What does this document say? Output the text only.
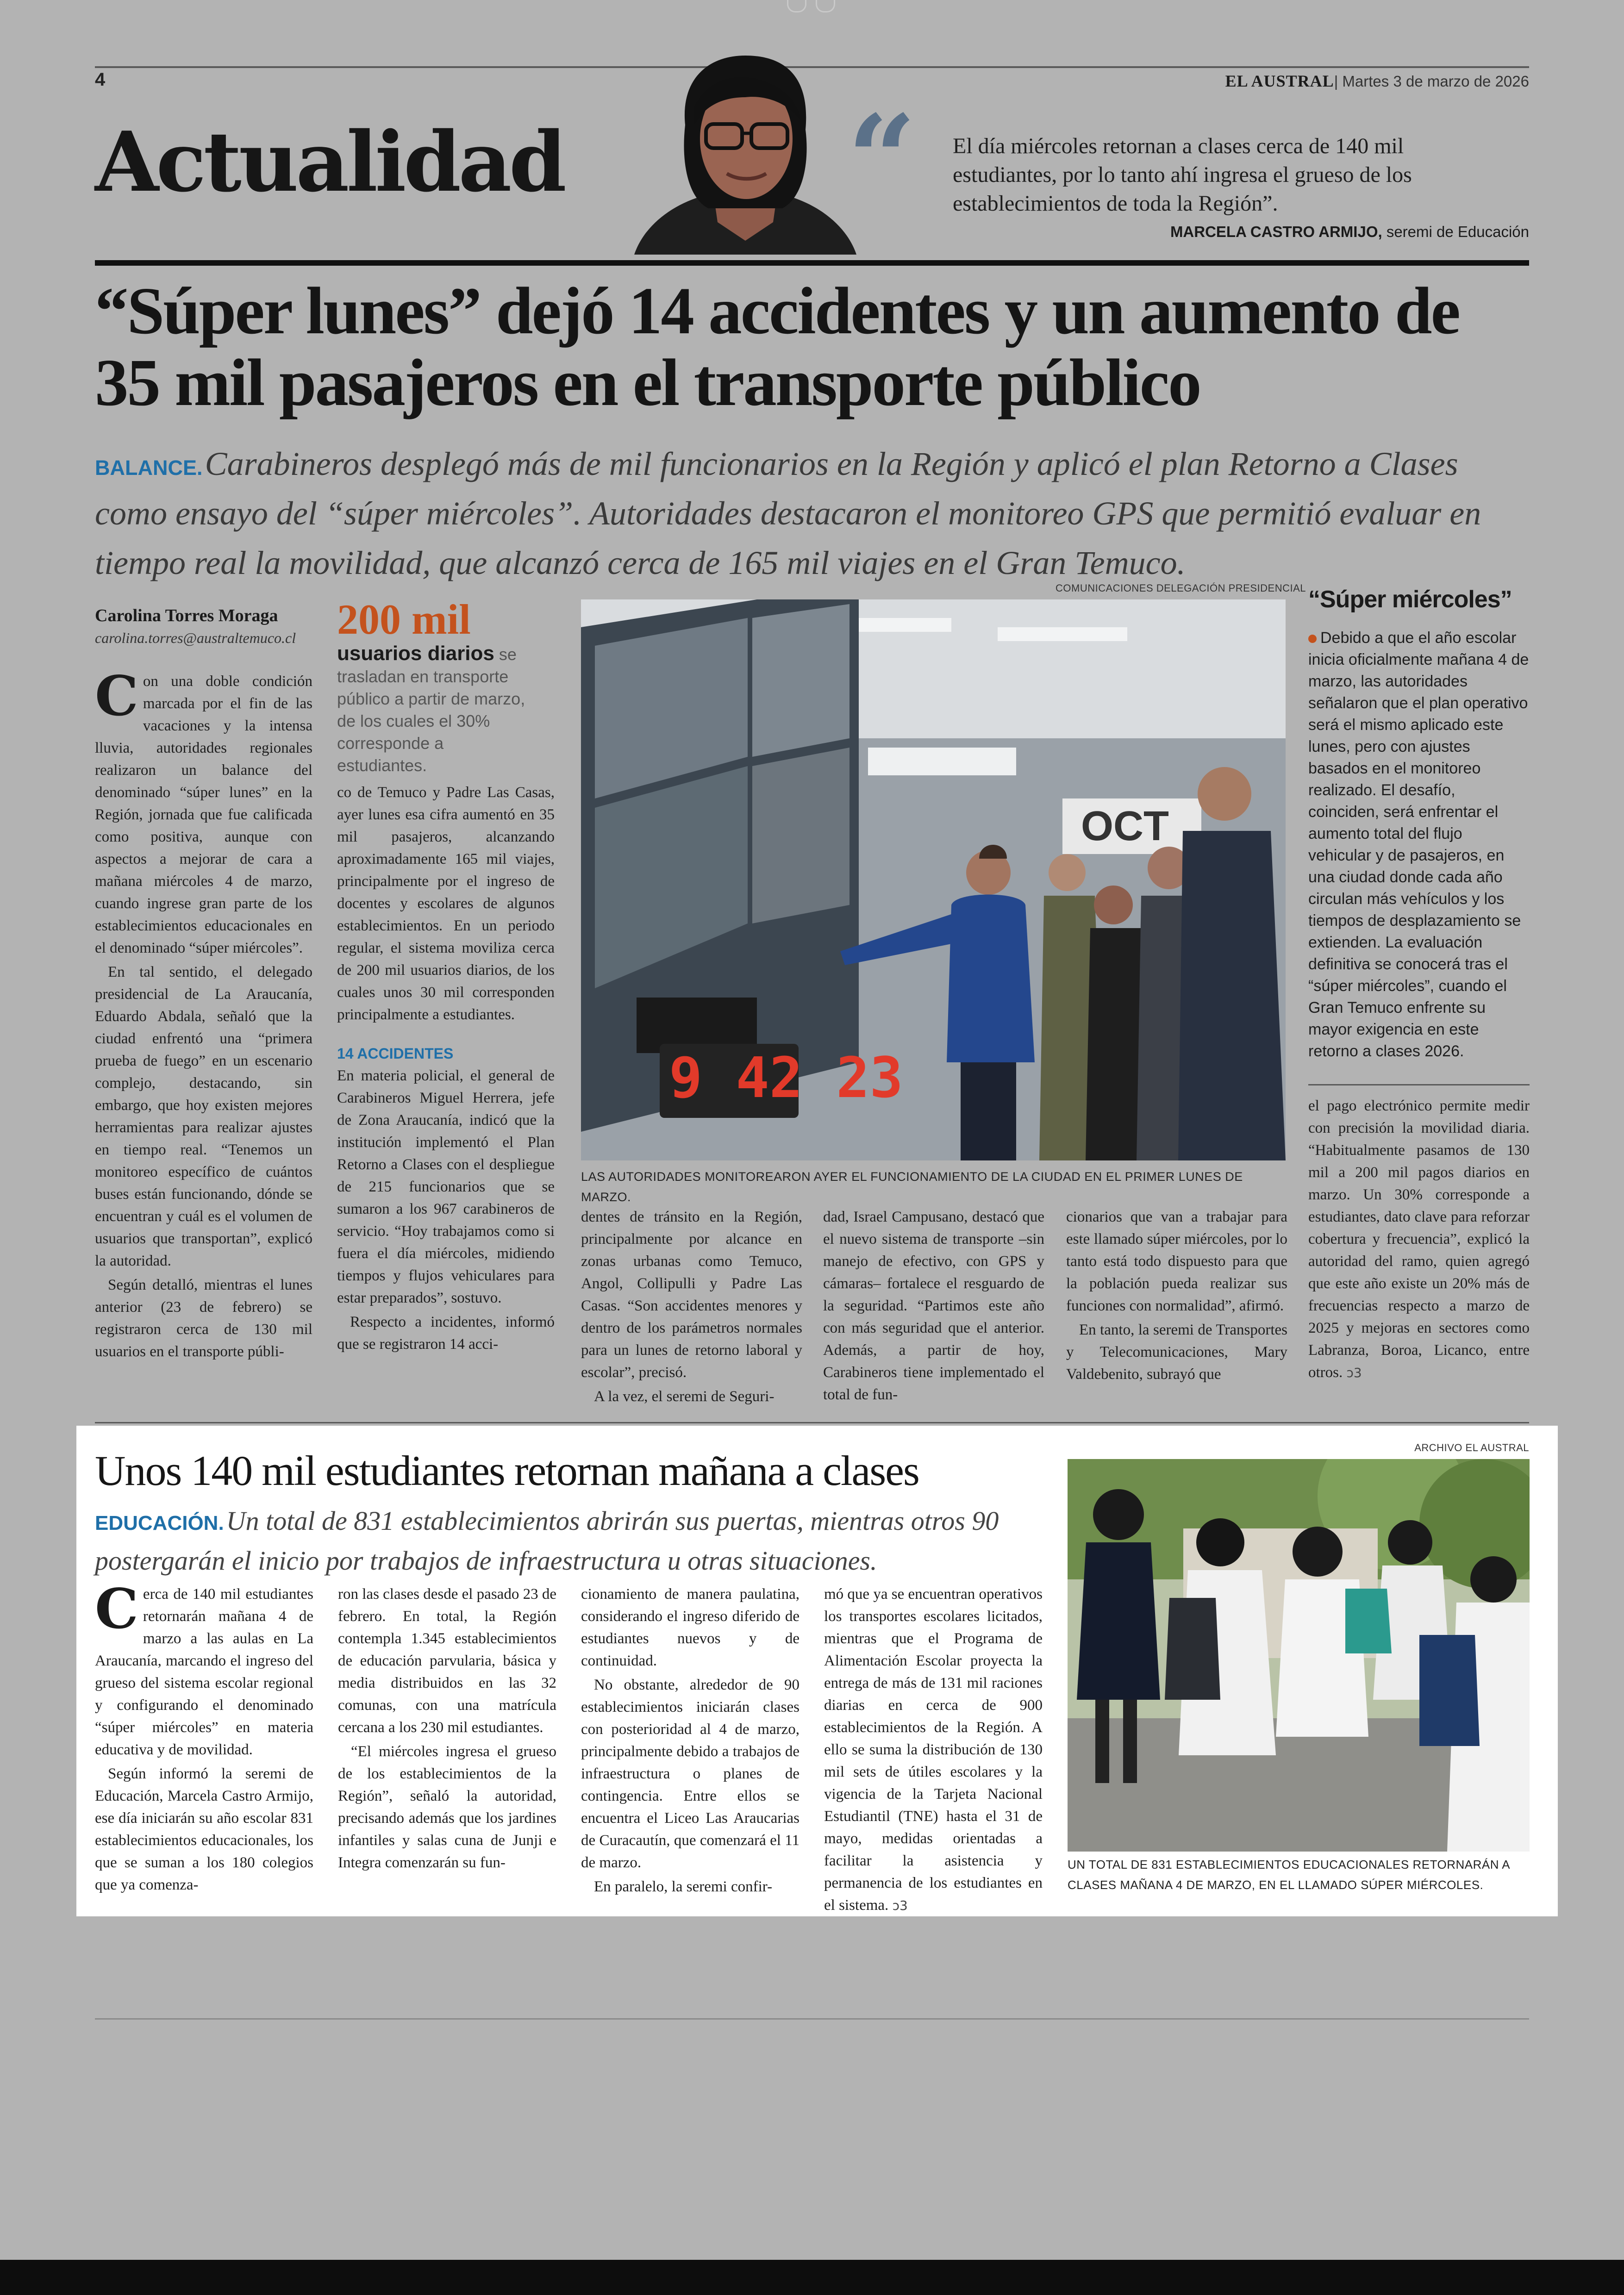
4	EL AUSTRAL| Martes 3 de marzo de 2026
Actualidad “ El día miércoles retornan a clases cerca de 140 mil estudiantes, por lo tanto ahí ingresa el grueso de los establecimientos de toda la Región”.
MARCELA CASTRO ARMIJO, seremi de Educación
“Súper lunes” dejó 14 accidentes y un aumento de 35 mil pasajeros en el transporte público
BALANCE. Carabineros desplegó más de mil funcionarios en la Región y aplicó el plan Retorno a Clases como ensayo del “súper miércoles”. Autoridades destacaron el monitoreo GPS que permitió evaluar en tiempo real la movilidad, que alcanzó cerca de 165 mil viajes en el Gran Temuco.
Carolina Torres Moraga
carolina.torres@australtemuco.cl

Con una doble condición marcada por el fin de las vacaciones y la intensa lluvia, autoridades regionales realizaron un balance del denominado “súper lunes” en la Región, jornada que fue calificada como positiva, aunque con aspectos a mejorar de cara a mañana miércoles 4 de marzo, cuando ingrese gran parte de los establecimientos educacionales en el denominado “súper miércoles”.

En tal sentido, el delegado presidencial de La Araucanía, Eduardo Abdala, señaló que la ciudad enfrentó una “primera prueba de fuego” en un escenario complejo, destacando, sin embargo, que hoy existen mejores herramientas para realizar ajustes en tiempo real. “Tenemos un monitoreo específico de cuántos buses están funcionando, dónde se encuentran y cuál es el volumen de usuarios que transportan”, explicó la autoridad.

Según detalló, mientras el lunes anterior (23 de febrero) se registraron cerca de 130 mil usuarios en el transporte públi-

200 mil
usuarios diarios se trasladan en transporte público a partir de marzo, de los cuales el 30% corresponde a estudiantes.

co de Temuco y Padre Las Casas, ayer lunes esa cifra aumentó en 35 mil pasajeros, alcanzando aproximadamente 165 mil viajes, principalmente por el ingreso de docentes y escolares de algunos establecimientos. En un periodo regular, el sistema moviliza cerca de 200 mil usuarios diarios, de los cuales unos 30 mil corresponden principalmente a estudiantes.

14 ACCIDENTES

En materia policial, el general de Carabineros Miguel Herrera, jefe de Zona Araucanía, indicó que la institución implementó el Plan Retorno a Clases con el despliegue de 215 funcionarios que se sumaron a los 967 carabineros de servicio. “Hoy trabajamos como si fuera el día miércoles, midiendo tiempos y flujos vehiculares para estar preparados”, sostuvo.

Respecto a incidentes, informó que se registraron 14 acci-

COMUNICACIONES DELEGACIÓN PRESIDENCIAL
9 42 23
OCT
LAS AUTORIDADES MONITOREARON AYER EL FUNCIONAMIENTO DE LA CIUDAD EN EL PRIMER LUNES DE MARZO.

dentes de tránsito en la Región, principalmente por alcance en zonas urbanas como Temuco, Angol, Collipulli y Padre Las Casas. “Son accidentes menores y dentro de los parámetros normales para un lunes de retorno laboral y escolar”, precisó.

A la vez, el seremi de Seguri-

dad, Israel Campusano, destacó que el nuevo sistema de transporte –sin manejo de efectivo, con GPS y cámaras– fortalece el resguardo de la seguridad. “Partimos este año con más seguridad que el anterior. Además, a partir de hoy, Carabineros tiene implementado el total de fun-

cionarios que van a trabajar para este llamado súper miércoles, por lo tanto está todo dispuesto para que la población pueda realizar sus funciones con normalidad”, afirmó.

En tanto, la seremi de Transportes y Telecomunicaciones, Mary Valdebenito, subrayó que

“Súper miércoles”
Debido a que el año escolar inicia oficialmente mañana 4 de marzo, las autoridades señalaron que el plan operativo será el mismo aplicado este lunes, pero con ajustes basados en el monitoreo realizado. El desafío, coinciden, será enfrentar el aumento total del flujo vehicular y de pasajeros, en una ciudad donde cada año circulan más vehículos y los tiempos de desplazamiento se extienden. La evaluación definitiva se conocerá tras el “súper miércoles”, cuando el Gran Temuco enfrente su mayor exigencia en este retorno a clases 2026.

el pago electrónico permite medir con precisión la movilidad diaria. “Habitualmente pasamos de 130 mil a 200 mil pagos diarios en marzo. Un 30% corresponde a estudiantes, dato clave para reforzar cobertura y frecuencia”, explicó la autoridad del ramo, quien agregó que este año existe un 20% más de frecuencias respecto a marzo de 2025 y mejoras en sectores como Labranza, Boroa, Licanco, entre otros. ↄ3

Unos 140 mil estudiantes retornan mañana a clases
EDUCACIÓN. Un total de 831 establecimientos abrirán sus puertas, mientras otros 90 postergarán el inicio por trabajos de infraestructura u otras situaciones.

Cerca de 140 mil estudiantes retornarán mañana 4 de marzo a las aulas en La Araucanía, marcando el ingreso del grueso del sistema escolar regional y configurando el denominado “súper miércoles” en materia educativa y de movilidad.

Según informó la seremi de Educación, Marcela Castro Armijo, ese día iniciarán su año escolar 831 establecimientos educacionales, los que se suman a los 180 colegios que ya comenza-

ron las clases desde el pasado 23 de febrero. En total, la Región contempla 1.345 establecimientos de educación parvularia, básica y media distribuidos en las 32 comunas, con una matrícula cercana a los 230 mil estudiantes.

“El miércoles ingresa el grueso de los establecimientos de la Región”, señaló la autoridad, precisando además que los jardines infantiles y salas cuna de Junji e Integra comenzarán su fun-

cionamiento de manera paulatina, considerando el ingreso diferido de estudiantes nuevos y de continuidad.

No obstante, alrededor de 90 establecimientos iniciarán clases con posterioridad al 4 de marzo, principalmente debido a trabajos de infraestructura o planes de contingencia. Entre ellos se encuentra el Liceo Las Araucarias de Curacautín, que comenzará el 11 de marzo.

En paralelo, la seremi confir-

mó que ya se encuentran operativos los transportes escolares licitados, mientras que el Programa de Alimentación Escolar proyecta la entrega de más de 131 mil raciones diarias en cerca de 900 establecimientos de la Región. A ello se suma la distribución de 130 mil sets de útiles escolares y la vigencia de la Tarjeta Nacional Estudiantil (TNE) hasta el 31 de mayo, medidas orientadas a facilitar la asistencia y permanencia de los estudiantes en el sistema. ↄ3

ARCHIVO EL AUSTRAL
UN TOTAL DE 831 ESTABLECIMIENTOS EDUCACIONALES RETORNARÁN A CLASES MAÑANA 4 DE MARZO, EN EL LLAMADO SÚPER MIÉRCOLES.
